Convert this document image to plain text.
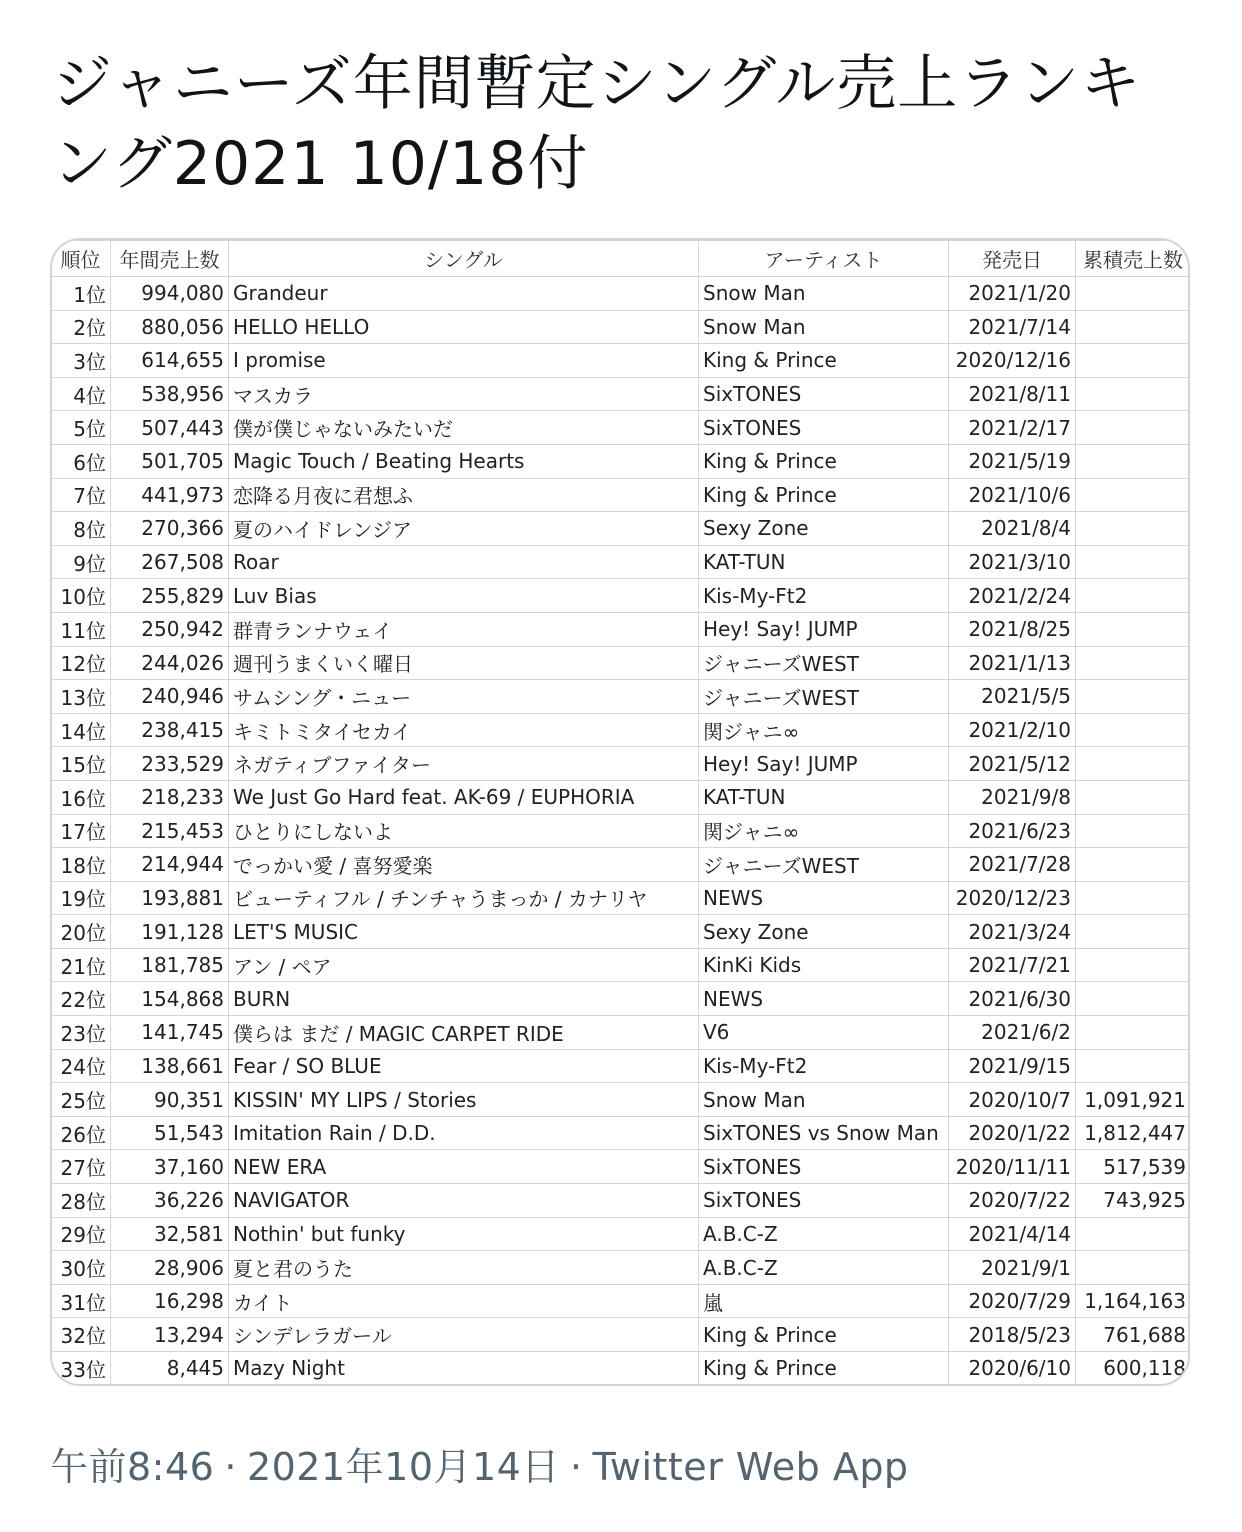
ジャニーズ年間暫定シングル売上ランキング2021 10/18付
順位	年間売上数	シングル	アーティスト	発売日	累積売上数
1位	994,080	Grandeur	Snow Man	2021/1/20	
2位	880,056	HELLO HELLO	Snow Man	2021/7/14	
3位	614,655	I promise	King & Prince	2020/12/16	
4位	538,956	マスカラ	SixTONES	2021/8/11	
5位	507,443	僕が僕じゃないみたいだ	SixTONES	2021/2/17	
6位	501,705	Magic Touch / Beating Hearts	King & Prince	2021/5/19	
7位	441,973	恋降る月夜に君想ふ	King & Prince	2021/10/6	
8位	270,366	夏のハイドレンジア	Sexy Zone	2021/8/4	
9位	267,508	Roar	KAT-TUN	2021/3/10	
10位	255,829	Luv Bias	Kis-My-Ft2	2021/2/24	
11位	250,942	群青ランナウェイ	Hey! Say! JUMP	2021/8/25	
12位	244,026	週刊うまくいく曜日	ジャニーズWEST	2021/1/13	
13位	240,946	サムシング・ニュー	ジャニーズWEST	2021/5/5	
14位	238,415	キミトミタイセカイ	関ジャニ∞	2021/2/10	
15位	233,529	ネガティブファイター	Hey! Say! JUMP	2021/5/12	
16位	218,233	We Just Go Hard feat. AK-69 / EUPHORIA	KAT-TUN	2021/9/8	
17位	215,453	ひとりにしないよ	関ジャニ∞	2021/6/23	
18位	214,944	でっかい愛 / 喜努愛楽	ジャニーズWEST	2021/7/28	
19位	193,881	ビューティフル / チンチャうまっか / カナリヤ	NEWS	2020/12/23	
20位	191,128	LET'S MUSIC	Sexy Zone	2021/3/24	
21位	181,785	アン / ペア	KinKi Kids	2021/7/21	
22位	154,868	BURN	NEWS	2021/6/30	
23位	141,745	僕らは まだ / MAGIC CARPET RIDE	V6	2021/6/2	
24位	138,661	Fear / SO BLUE	Kis-My-Ft2	2021/9/15	
25位	90,351	KISSIN' MY LIPS / Stories	Snow Man	2020/10/7	1,091,921
26位	51,543	Imitation Rain / D.D.	SixTONES vs Snow Man	2020/1/22	1,812,447
27位	37,160	NEW ERA	SixTONES	2020/11/11	517,539
28位	36,226	NAVIGATOR	SixTONES	2020/7/22	743,925
29位	32,581	Nothin' but funky	A.B.C-Z	2021/4/14	
30位	28,906	夏と君のうた	A.B.C-Z	2021/9/1	
31位	16,298	カイト	嵐	2020/7/29	1,164,163
32位	13,294	シンデレラガール	King & Prince	2018/5/23	761,688
33位	8,445	Mazy Night	King & Prince	2020/6/10	600,118
午前8:46 · 2021年10月14日 · Twitter Web App
